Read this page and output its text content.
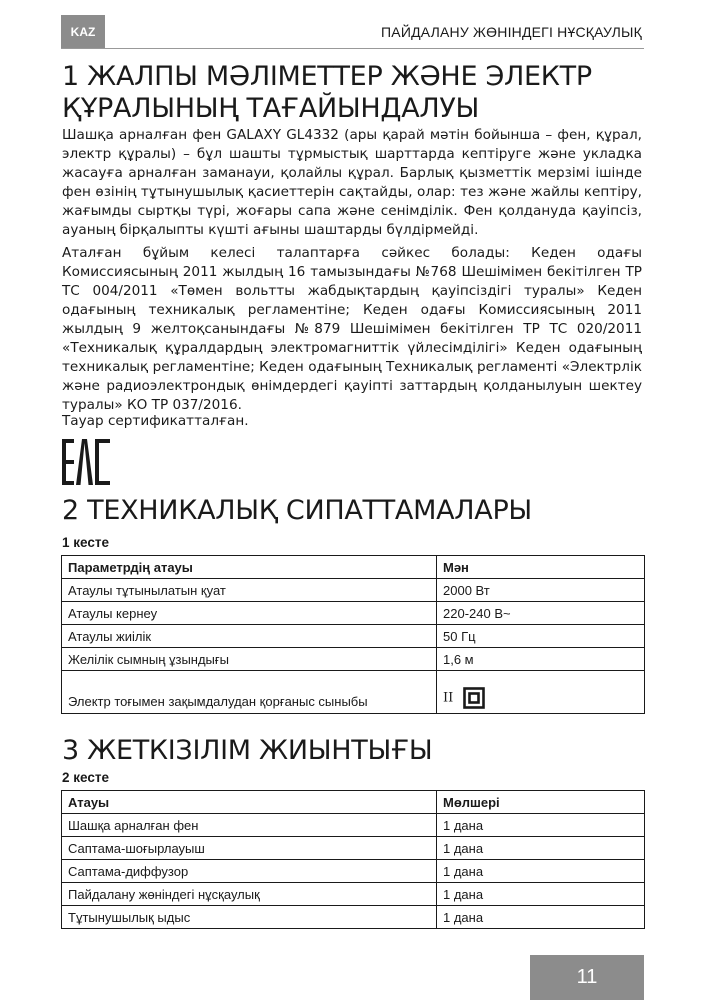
KAZ	ПАЙДАЛАНУ ЖӨНІНДЕГІ НҰСҚАУЛЫҚ
1 ЖАЛПЫ МӘЛІМЕТТЕР ЖӘНЕ ЭЛЕКТР
ҚҰРАЛЫНЫҢ ТАҒАЙЫНДАЛУЫ

Шашқа арналған фен GALAXY GL4332 (ары қарай мәтін бойынша – фен, құрал, электр құралы) – бұл шашты тұрмыстық шарттарда кептіруге және укладка жасауға арналған заманауи, қолайлы құрал. Барлық қызметтік мерзімі ішінде фен өзінің тұтынушылық қасиеттерін сақтайды, олар: тез және жайлы кептіру, жағымды сыртқы түрі, жоғары сапа және сенімділік. Фен қолдануда қауіпсіз, ауаның бірқалыпты күшті ағыны шаштарды бүлдірмейді.

Аталған бұйым келесі талаптарға сәйкес болады: Кеден одағы Комиссиясының 2011 жылдың 16 тамызындағы №768 Шешімімен бекітілген ТР ТС 004/2011 «Төмен вольтты жабдықтардың қауіпсіздігі туралы» Кеден одағының техникалық регламентіне; Кеден одағы Комиссиясының 2011 жылдың 9 желтоқсанындағы №879 Шешімімен бекітілген ТР ТС 020/2011 «Техникалық құралдардың электромагниттік үйлесімділігі» Кеден одағының техникалық регламентіне; Кеден одағының Техникалық регламенті «Электрлік және радиоэлектрондық өнімдердегі қауіпті заттардың қолданылуын шектеу туралы» КО ТР 037/2016.

Тауар сертификатталған.

2 ТЕХНИКАЛЫҚ СИПАТТАМАЛАРЫ

1 кесте

Параметрдің атауы	Мән
Атаулы тұтынылатын қуат	2000 Вт
Атаулы кернеу	220-240 В~
Атаулы жиілік	50 Гц
Желілік сымның ұзындығы	1,6 м
Электр тоғымен зақымдалудан қорғаныс сыныбы	II
3 ЖЕТКІЗІЛІМ ЖИЫНТЫҒЫ

2 кесте

Атауы	Мөлшері
Шашқа арналған фен	1 дана
Саптама-шоғырлауыш	1 дана
Саптама-диффузор	1 дана
Пайдалану жөніндегі нұсқаулық	1 дана
Тұтынушылық ыдыс	1 дана
11
